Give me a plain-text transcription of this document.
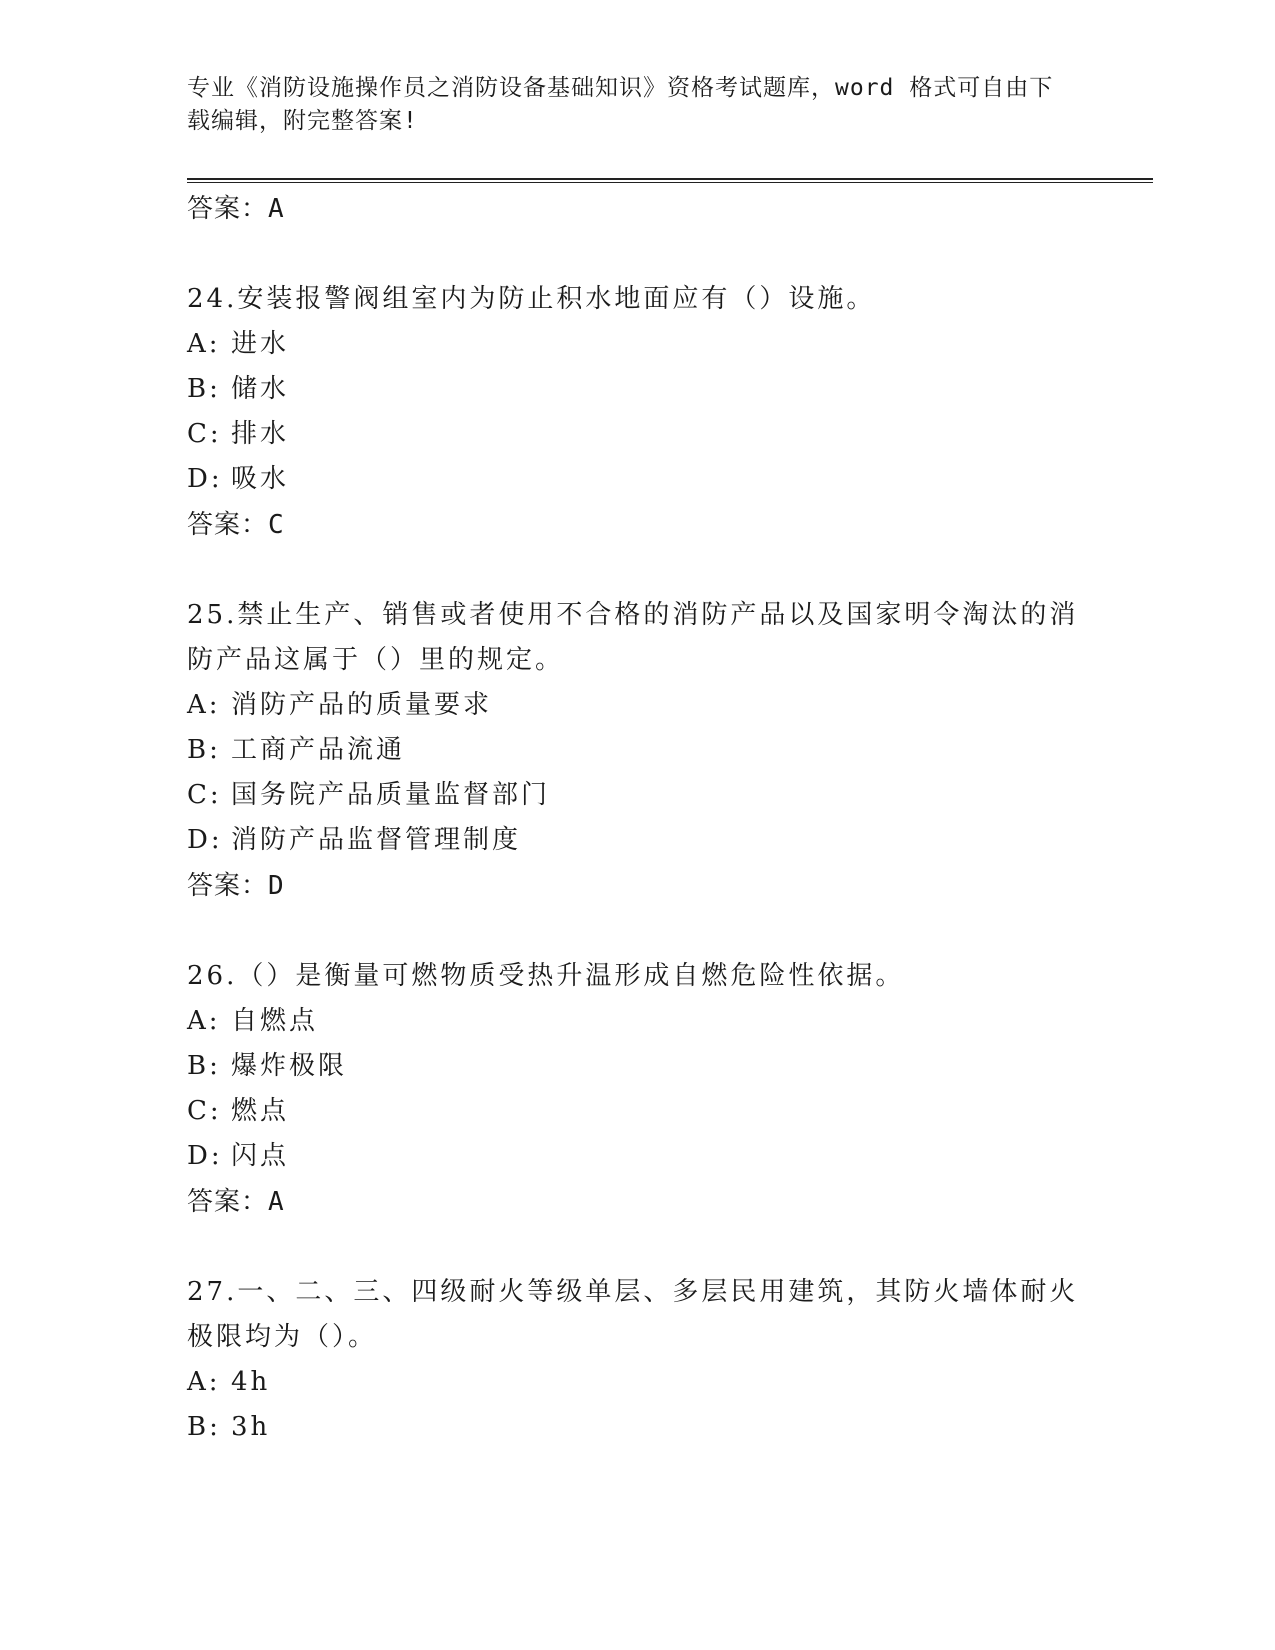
专业《消防设施操作员之消防设备基础知识》资格考试题库，word 格式可自由下
载编辑，附完整答案!
答案：A

24.安装报警阀组室内为防止积水地面应有（）设施。

A: 进水
B: 储水
C: 排水
D: 吸水
答案：C

25.禁止生产、销售或者使用不合格的消防产品以及国家明令淘汰的消防产品这属于（）里的规定。

A: 消防产品的质量要求
B: 工商产品流通
C: 国务院产品质量监督部门
D: 消防产品监督管理制度
答案：D

26.（）是衡量可燃物质受热升温形成自燃危险性依据。

A: 自燃点
B: 爆炸极限
C: 燃点
D: 闪点
答案：A

27.一、二、三、四级耐火等级单层、多层民用建筑，其防火墙体耐火极限均为（）。

A: 4h
B: 3h
